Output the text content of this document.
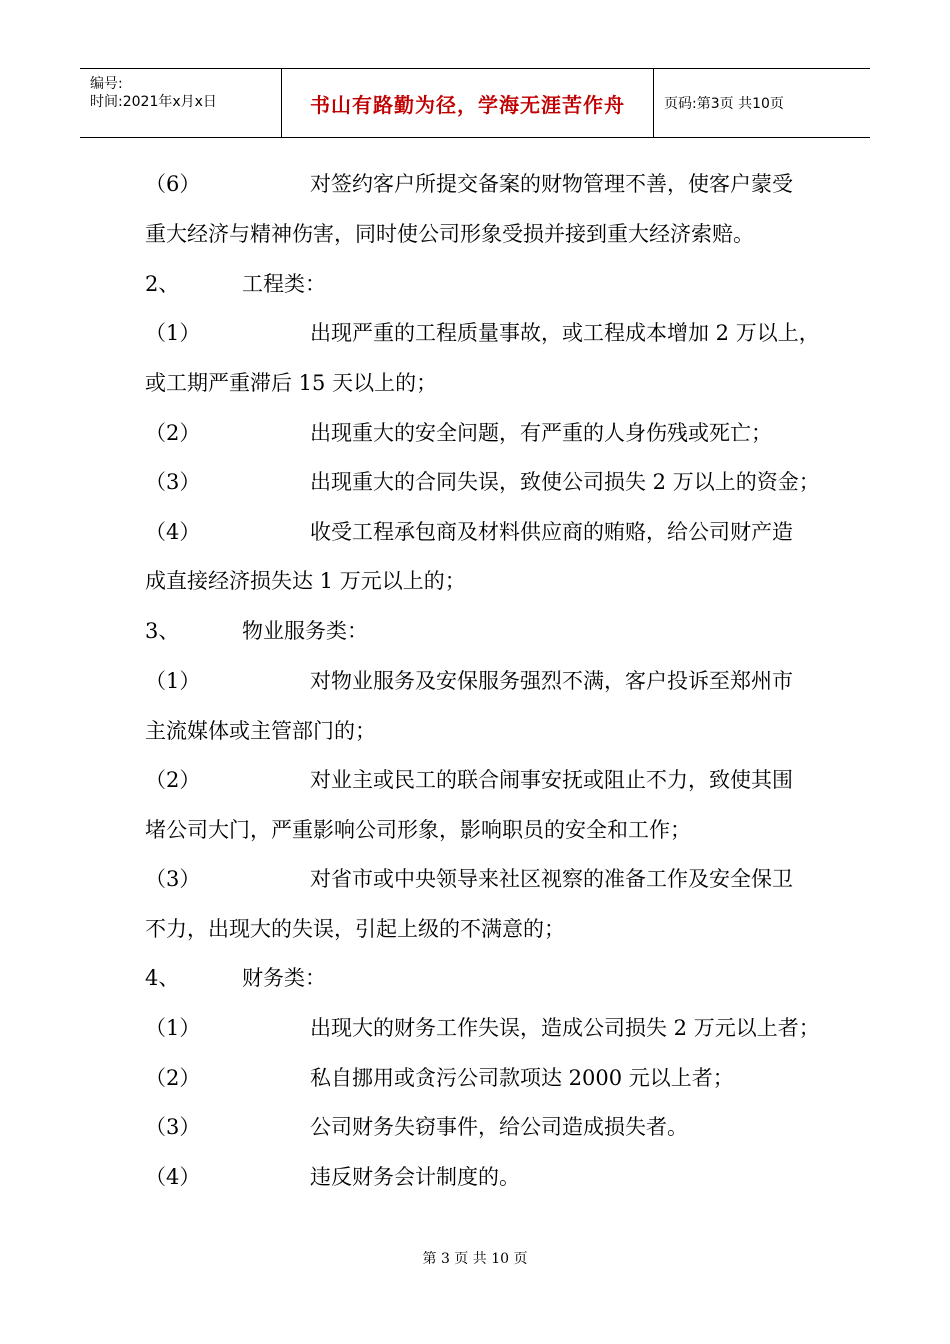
编号:
时间:2021年x月x日	书山有路勤为径，学海无涯苦作舟	页码:第3页 共10页
（6）	对签约客户所提交备案的财物管理不善，使客户蒙受
重大经济与精神伤害，同时使公司形象受损并接到重大经济索赔。
2、	工程类：
（1）	出现严重的工程质量事故，或工程成本增加 2 万以上，
或工期严重滞后 15 天以上的；
（2）	出现重大的安全问题，有严重的人身伤残或死亡；
（3）	出现重大的合同失误，致使公司损失 2 万以上的资金；
（4）	收受工程承包商及材料供应商的贿赂，给公司财产造
成直接经济损失达 1 万元以上的；
3、	物业服务类：
（1）	对物业服务及安保服务强烈不满，客户投诉至郑州市
主流媒体或主管部门的；
（2）	对业主或民工的联合闹事安抚或阻止不力，致使其围
堵公司大门，严重影响公司形象，影响职员的安全和工作；
（3）	对省市或中央领导来社区视察的准备工作及安全保卫
不力，出现大的失误，引起上级的不满意的；
4、	财务类：
（1）	出现大的财务工作失误，造成公司损失 2 万元以上者；
（2）	私自挪用或贪污公司款项达 2000 元以上者；
（3）	公司财务失窃事件，给公司造成损失者。
（4）	违反财务会计制度的。
第 3 页 共 10 页
